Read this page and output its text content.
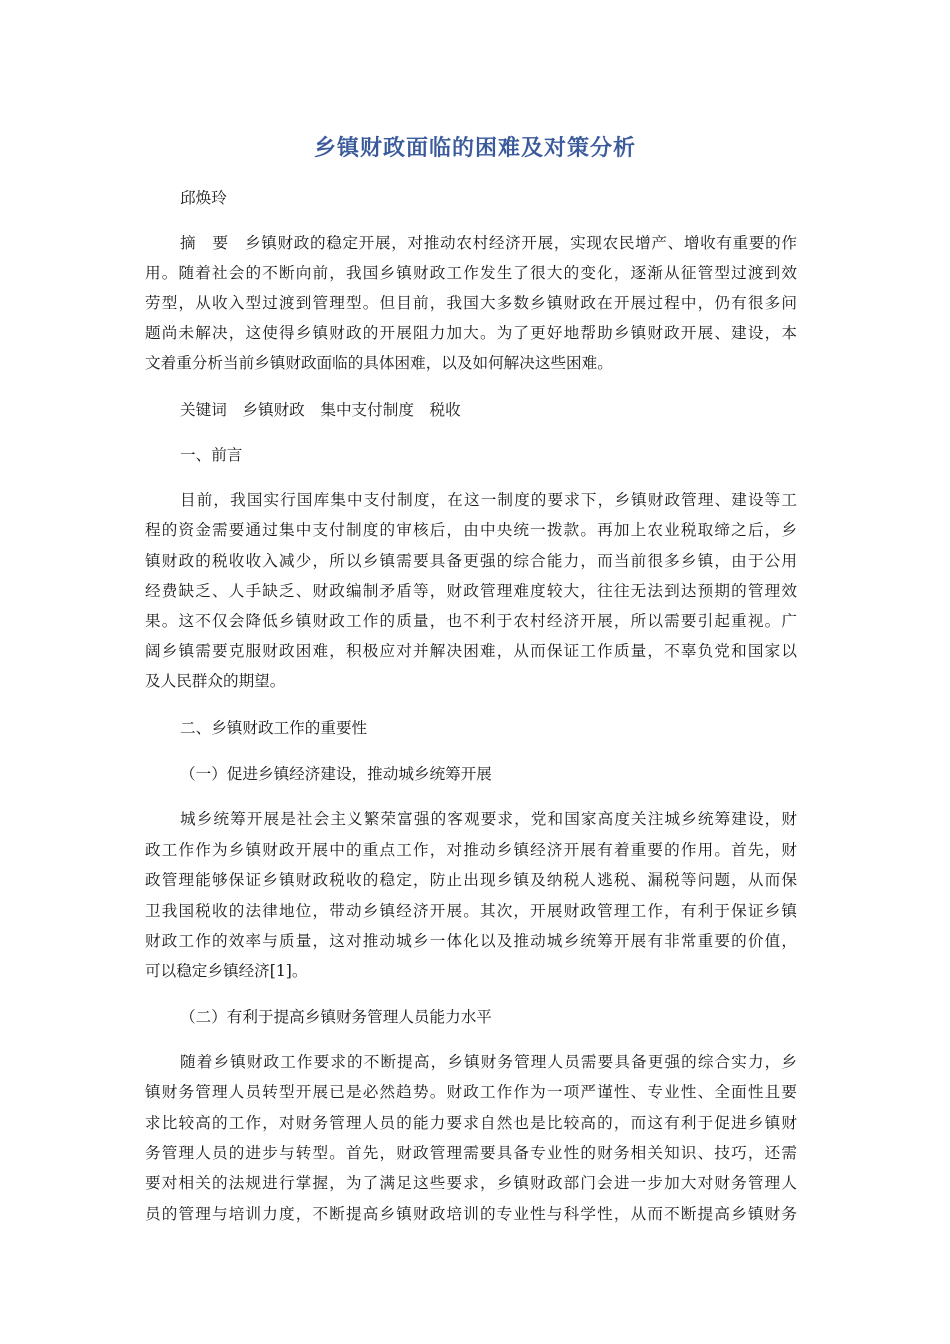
乡镇财政面临的困难及对策分析

邱焕玲

摘　要　乡镇财政的稳定开展，对推动农村经济开展，实现农民增产、增收有重要的作

用。随着社会的不断向前，我国乡镇财政工作发生了很大的变化，逐渐从征管型过渡到效

劳型，从收入型过渡到管理型。但目前，我国大多数乡镇财政在开展过程中，仍有很多问

题尚未解决，这使得乡镇财政的开展阻力加大。为了更好地帮助乡镇财政开展、建设，本

文着重分析当前乡镇财政面临的具体困难，以及如何解决这些困难。

关键词　乡镇财政　集中支付制度　税收

一、前言

目前，我国实行国库集中支付制度，在这一制度的要求下，乡镇财政管理、建设等工

程的资金需要通过集中支付制度的审核后，由中央统一拨款。再加上农业税取缔之后，乡

镇财政的税收收入减少，所以乡镇需要具备更强的综合能力，而当前很多乡镇，由于公用

经费缺乏、人手缺乏、财政编制矛盾等，财政管理难度较大，往往无法到达预期的管理效

果。这不仅会降低乡镇财政工作的质量，也不利于农村经济开展，所以需要引起重视。广

阔乡镇需要克服财政困难，积极应对并解决困难，从而保证工作质量，不辜负党和国家以

及人民群众的期望。

二、乡镇财政工作的重要性

（一）促进乡镇经济建设，推动城乡统筹开展

城乡统筹开展是社会主义繁荣富强的客观要求，党和国家高度关注城乡统筹建设，财

政工作作为乡镇财政开展中的重点工作，对推动乡镇经济开展有着重要的作用。首先，财

政管理能够保证乡镇财政税收的稳定，防止出现乡镇及纳税人逃税、漏税等问题，从而保

卫我国税收的法律地位，带动乡镇经济开展。其次，开展财政管理工作，有利于保证乡镇

财政工作的效率与质量，这对推动城乡一体化以及推动城乡统筹开展有非常重要的价值，

可以稳定乡镇经济[1]。

（二）有利于提高乡镇财务管理人员能力水平

随着乡镇财政工作要求的不断提高，乡镇财务管理人员需要具备更强的综合实力，乡

镇财务管理人员转型开展已是必然趋势。财政工作作为一项严谨性、专业性、全面性且要

求比较高的工作，对财务管理人员的能力要求自然也是比较高的，而这有利于促进乡镇财

务管理人员的进步与转型。首先，财政管理需要具备专业性的财务相关知识、技巧，还需

要对相关的法规进行掌握，为了满足这些要求，乡镇财政部门会进一步加大对财务管理人

员的管理与培训力度，不断提高乡镇财政培训的专业性与科学性，从而不断提高乡镇财务
